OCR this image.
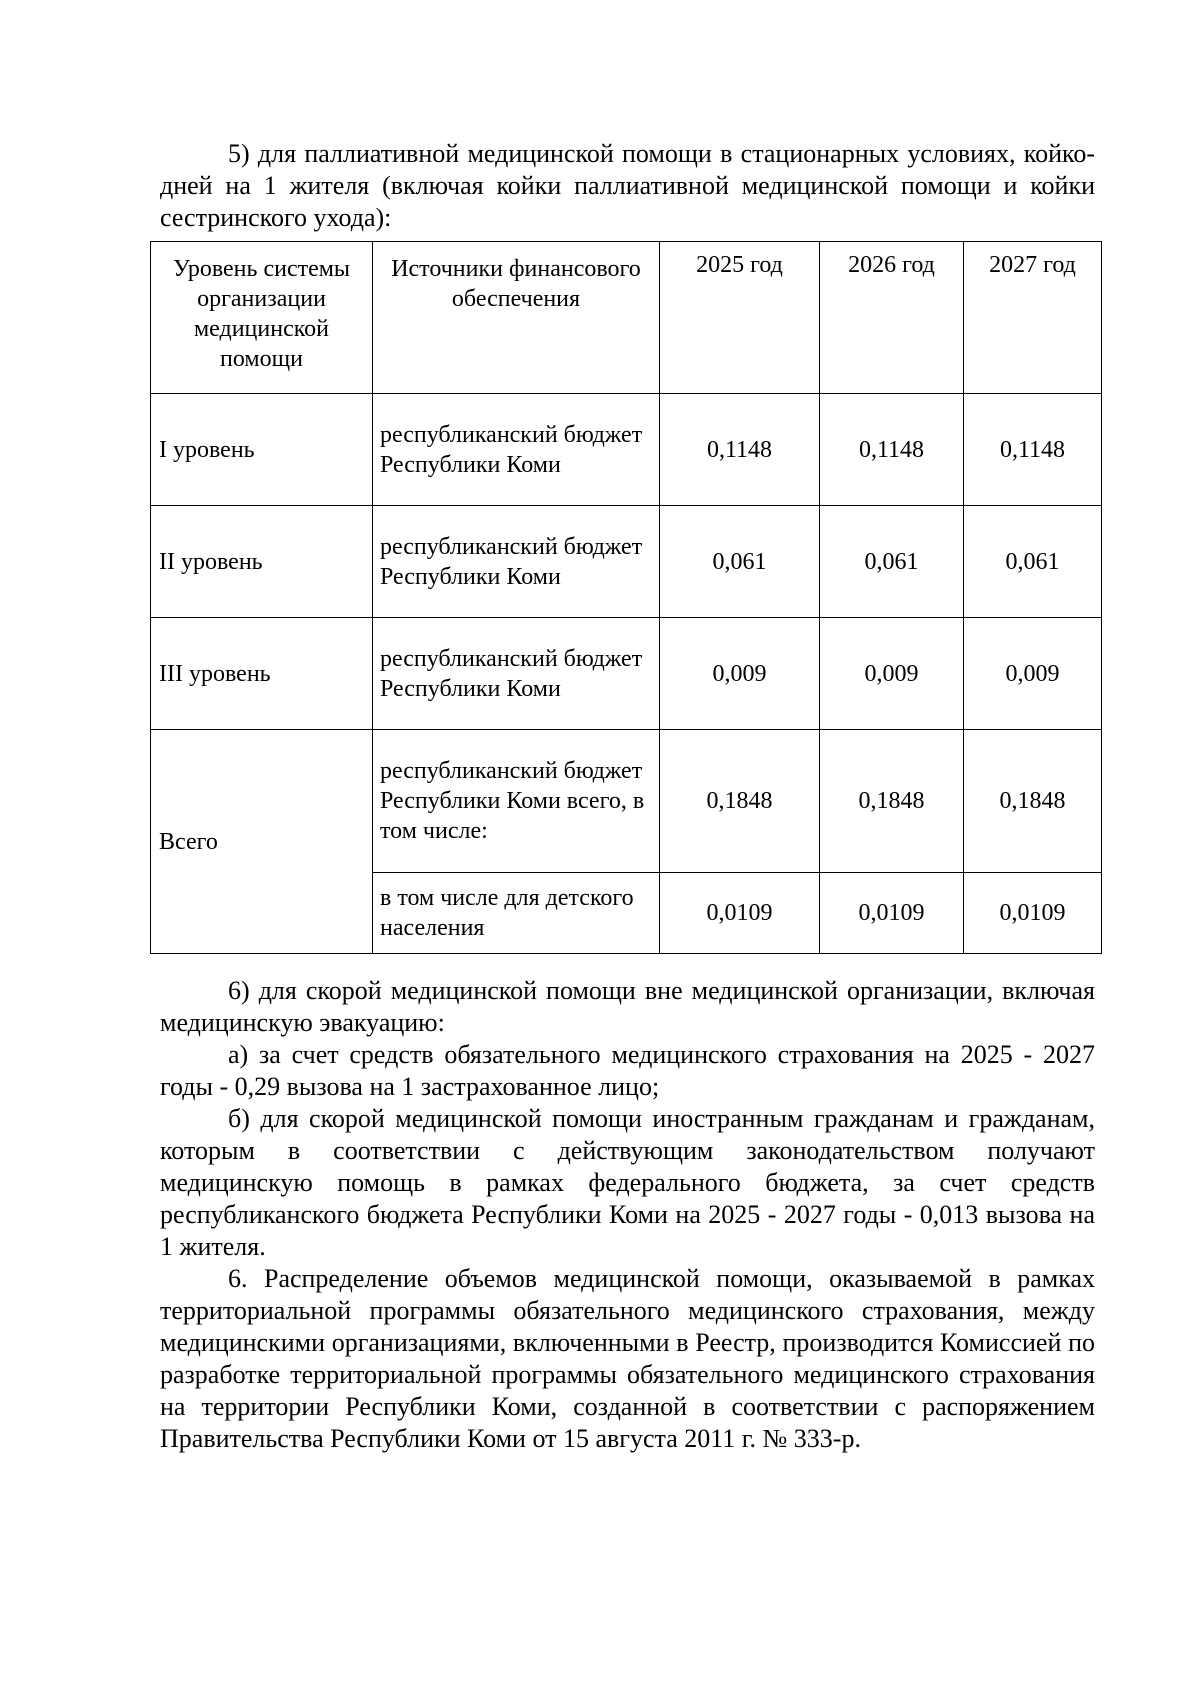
5) для паллиативной медицинской помощи в стационарных условиях, койко-дней на 1 жителя (включая койки паллиативной медицинской помощи и койки сестринского ухода):

Уровень системы организации медицинской помощи	Источники финансового обеспечения	2025 год	2026 год	2027 год
I уровень	республиканский бюджет Республики Коми	0,1148	0,1148	0,1148
II уровень	республиканский бюджет Республики Коми	0,061	0,061	0,061
III уровень	республиканский бюджет Республики Коми	0,009	0,009	0,009
Всего	республиканский бюджет Республики Коми всего, в том числе:	0,1848	0,1848	0,1848
	в том числе для детского населения	0,0109	0,0109	0,0109

6) для скорой медицинской помощи вне медицинской организации, включая медицинскую эвакуацию:

а) за счет средств обязательного медицинского страхования на 2025 - 2027 годы - 0,29 вызова на 1 застрахованное лицо;

б) для скорой медицинской помощи иностранным гражданам и гражданам, которым в соответствии с действующим законодательством получают медицинскую помощь в рамках федерального бюджета, за счет средств республиканского бюджета Республики Коми на 2025 - 2027 годы - 0,013 вызова на 1 жителя.

6. Распределение объемов медицинской помощи, оказываемой в рамках территориальной программы обязательного медицинского страхования, между медицинскими организациями, включенными в Реестр, производится Комиссией по разработке территориальной программы обязательного медицинского страхования на территории Республики Коми, созданной в соответствии с распоряжением Правительства Республики Коми от 15 августа 2011 г. № 333-р.
